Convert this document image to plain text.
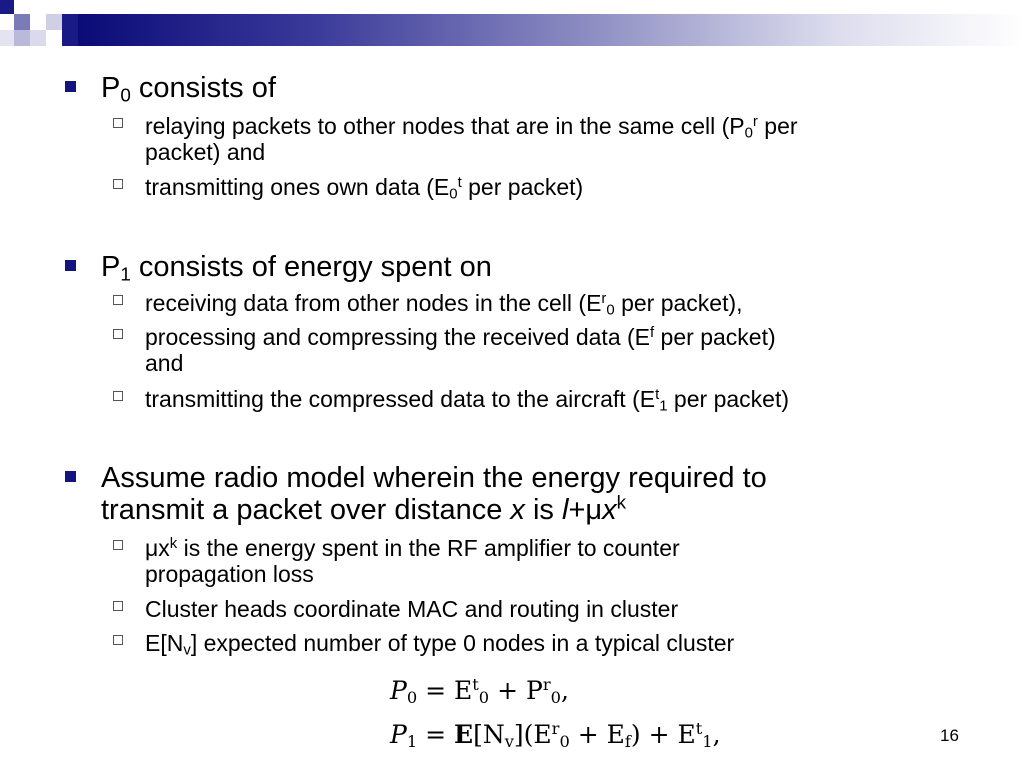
$P_0$ consists of
relaying packets to other nodes that are in the same cell ($P_0^r$ per
packet) and
transmitting ones own data ($E_0^t$ per packet)
$P_1$ consists of energy spent on
receiving data from other nodes in the cell ($E^r_0$ per packet),
processing and compressing the received data ($E^f$ per packet)
and
transmitting the compressed data to the aircraft ($E^t_1$ per packet)
Assume radio model wherein the energy required to
transmit a packet over distance x is $l+\mu x^k$
$\mu x^k$ is the energy spent in the RF amplifier to counter
propagation loss
Cluster heads coordinate MAC and routing in cluster
$E[N_v]$ expected number of type 0 nodes in a typical cluster
$P_0 = E^t_0 + P^r_0$,
$P_1 = E[N_v](E^r_0 + E_f) + E^t_1$,	16
